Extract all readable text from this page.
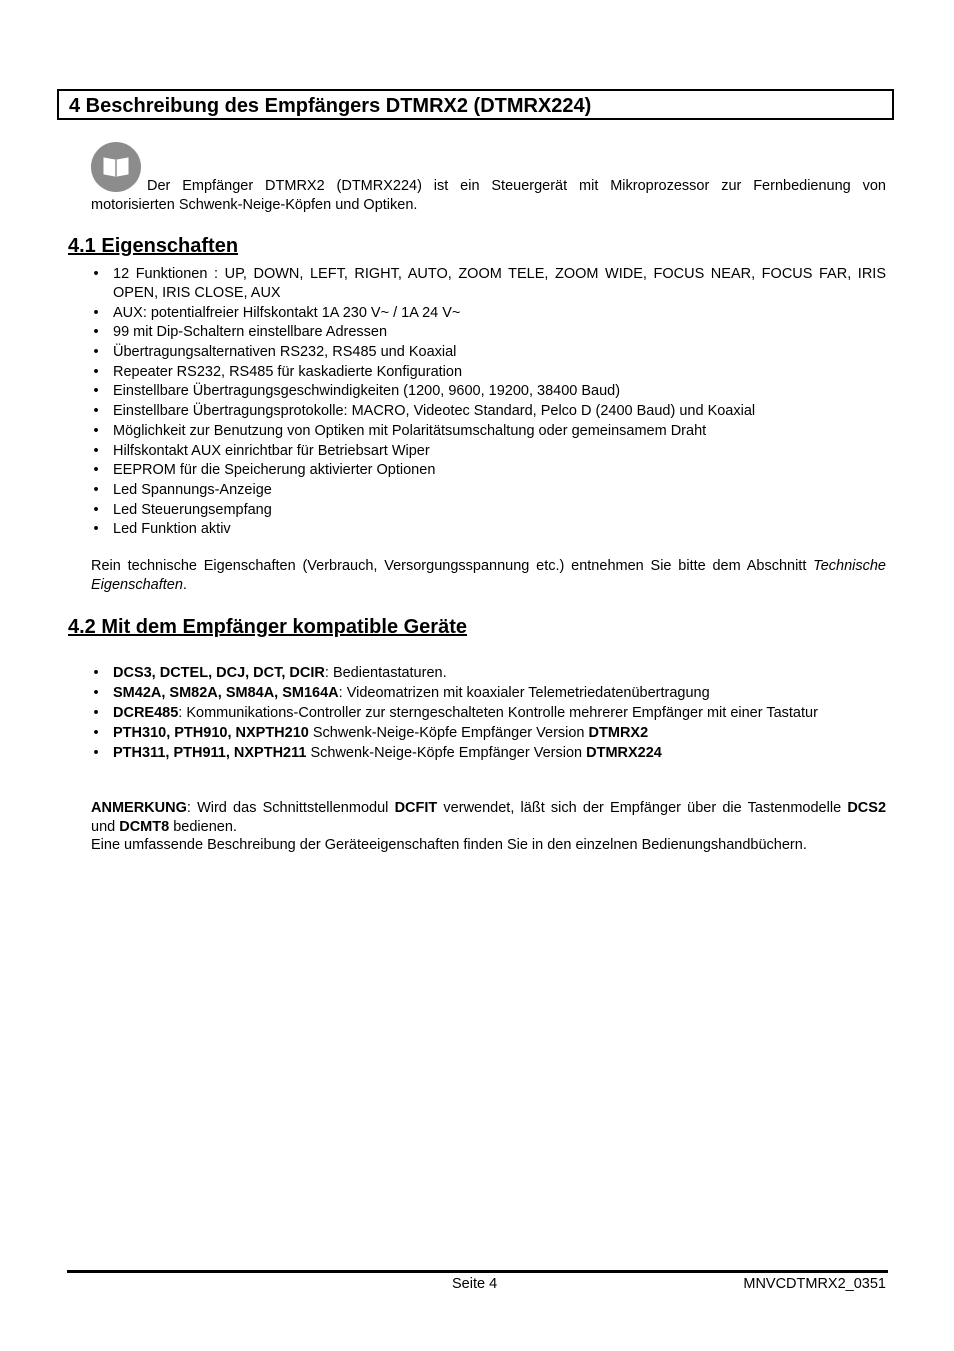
4 Beschreibung des Empfängers DTMRX2 (DTMRX224)

Der Empfänger DTMRX2 (DTMRX224) ist ein Steuergerät mit Mikroprozessor zur Fernbedienung von motorisierten Schwenk-Neige-Köpfen und Optiken.

4.1 Eigenschaften
• 12 Funktionen : UP, DOWN, LEFT, RIGHT, AUTO, ZOOM TELE, ZOOM WIDE, FOCUS NEAR, FOCUS FAR, IRIS OPEN, IRIS CLOSE, AUX
• AUX: potentialfreier Hilfskontakt 1A 230 V~ / 1A 24 V~
• 99 mit Dip-Schaltern einstellbare Adressen
• Übertragungsalternativen RS232, RS485 und Koaxial
• Repeater RS232, RS485 für kaskadierte Konfiguration
• Einstellbare Übertragungsgeschwindigkeiten (1200, 9600, 19200, 38400 Baud)
• Einstellbare Übertragungsprotokolle: MACRO, Videotec Standard, Pelco D (2400 Baud) und Koaxial
• Möglichkeit zur Benutzung von Optiken mit Polaritätsumschaltung oder gemeinsamem Draht
• Hilfskontakt AUX einrichtbar für Betriebsart Wiper
• EEPROM für die Speicherung aktivierter Optionen
• Led Spannungs-Anzeige
• Led Steuerungsempfang
• Led Funktion aktiv

Rein technische Eigenschaften (Verbrauch, Versorgungsspannung etc.) entnehmen Sie bitte dem Abschnitt Technische Eigenschaften.

4.2 Mit dem Empfänger kompatible Geräte
• DCS3, DCTEL, DCJ, DCT, DCIR: Bedientastaturen.
• SM42A, SM82A, SM84A, SM164A: Videomatrizen mit koaxialer Telemetriedatenübertragung
• DCRE485: Kommunikations-Controller zur sterngeschalteten Kontrolle mehrerer Empfänger mit einer Tastatur
• PTH310, PTH910, NXPTH210 Schwenk-Neige-Köpfe Empfänger Version DTMRX2
• PTH311, PTH911, NXPTH211 Schwenk-Neige-Köpfe Empfänger Version DTMRX224

ANMERKUNG: Wird das Schnittstellenmodul DCFIT verwendet, läßt sich der Empfänger über die Tastenmodelle DCS2 und DCMT8 bedienen.

Eine umfassende Beschreibung der Geräteeigenschaften finden Sie in den einzelnen Bedienungshandbüchern.

Seite 4	MNVCDTMRX2_0351
